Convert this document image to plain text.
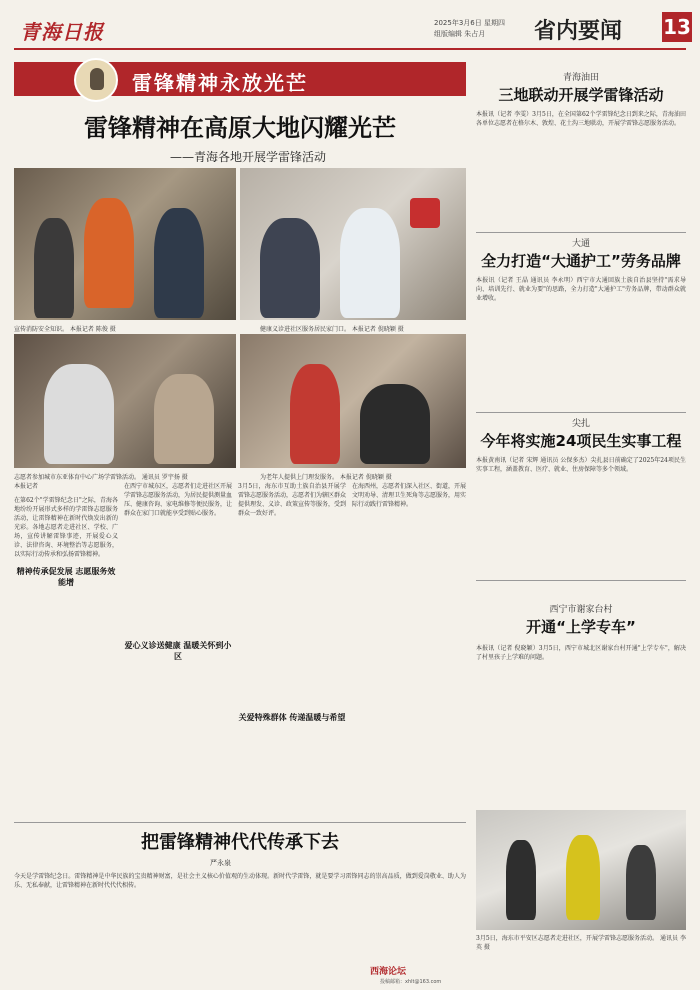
青海日报	2025年3月6日 星期四
组版编辑 朱占月	省内要闻 13
雷锋精神永放光芒
雷锋精神在高原大地闪耀光芒
——青海各地开展学雷锋活动
宣传消防安全知识。 本报记者 陈俊 摄	健康义诊进社区服务居民家门口。 本报记者 倪晓颖 摄
志愿者参加城市东亚体育中心广场学雷锋活动。 通讯员 罗宇扬 摄	为老年人提供上门理发服务。 本报记者 倪晓颖 摄
本报记者
在第62个"学雷锋纪念日"之际，青海各地纷纷开展形式多样的学雷锋志愿服务活动，让雷锋精神在新时代焕发出新的光彩。各地志愿者走进社区、学校、广场，宣传讲解雷锋事迹，开展爱心义诊、法律咨询、环境整治等志愿服务，以实际行动传承和弘扬雷锋精神。
精神传承促发展 志愿服务效能增
在西宁市城东区，志愿者们走进社区开展学雷锋志愿服务活动，为居民提供测量血压、健康咨询、家电维修等便民服务，让群众在家门口就能享受到贴心服务。
爱心义诊送健康 温暖关怀到小区
3月5日，海东市互助土族自治县开展学雷锋志愿服务活动，志愿者们为辖区群众提供理发、义诊、政策宣传等服务，受到群众一致好评。
关爱特殊群体 传递温暖与希望
在海西州，志愿者们深入社区、街道，开展文明劝导、清理卫生死角等志愿服务，用实际行动践行雷锋精神。
把雷锋精神代代传承下去
严永泉
今天是学雷锋纪念日。雷锋精神是中华民族的宝贵精神财富，是社会主义核心价值观的生动体现。新时代学雷锋，就是要学习雷锋同志的崇高品质，做到爱岗敬业、助人为乐、无私奉献，让雷锋精神在新时代代代相传。
西海论坛
投稿邮箱：xhlt@163.com
青海油田
三地联动开展学雷锋活动
本报讯（记者 李雯）3月5日，在全国第62个学雷锋纪念日到来之际，青海油田各单位志愿者在格尔木、敦煌、花土沟三地联动，开展学雷锋志愿服务活动。
大通
全力打造“大通护工”劳务品牌
本报讯（记者 王晶 通讯员 李永明）西宁市大通回族土族自治县坚持"需求导向、培训先行、就业为要"的思路，全力打造"大通护工"劳务品牌，带动群众就业增收。
尖扎
今年将实施24项民生实事工程
本报黄南讯（记者 宋辉 通讯员 公保多杰）尖扎县日前确定了2025年24项民生实事工程，涵盖教育、医疗、就业、住房保障等多个领域。
西宁市谢家台村
开通“上学专车”
本报讯（记者 倪晓颖）3月5日，西宁市城北区谢家台村开通"上学专车"，解决了村里孩子上学难的问题。
3月5日，海东市平安区志愿者走进社区，开展学雷锋志愿服务活动。 通讯员 李英 摄
